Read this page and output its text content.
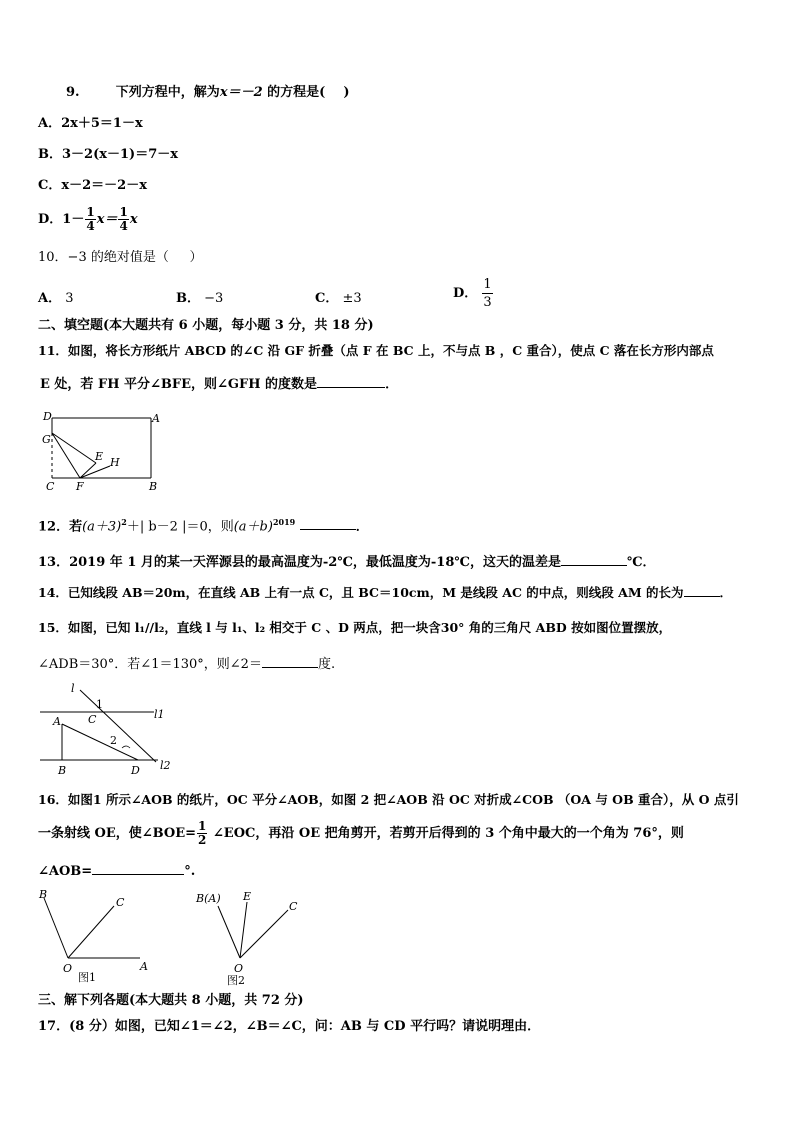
9.	下列方程中，解为x＝－2 的方程是( )
A．2x＋5＝1－x
B．3－2(x－1)＝7－x
C．x－2＝－2－x
D．$1- \frac{1}{4} x= \frac{1}{4}$ x
10．−3 的绝对值是（ ）
A． 3	B． −3	C． ±3	D． $\frac{1}{3}$
二、填空题(本大题共有 6 小题，每小题 3 分，共 18 分)
11．如图，将长方形纸片 ABCD 的∠C 沿 GF 折叠（点 F 在 BC 上，不与点 B ，C 重合），使点 C 落在长方形内部点
E 处，若 FH 平分∠BFE，则∠GFH 的度数是	．
D	A
G
E H
C F	B
12．若$(a+3)^2+|$ b－2 |＝0，则$(a+b)^{2019}$	．
13．2019 年 1 月的某一天浑源县的最高温度为-2℃，最低温度为-18℃，这天的温差是	℃．
14．已知线段 AB＝20m，在直线 AB 上有一点 C，且 BC＝10cm，M 是线段 AC 的中点，则线段 AM 的长为	．
15．如图，已知 l₁//l₂，直线 l 与 l₁、l₂ 相交于 C 、D 两点，把一块含30° 角的三角尺 ABD 按如图位置摆放，
∠ADB＝30°．若∠1＝130°，则∠2＝	度.
l
1
C	l1
A
2
B	D l2
16．如图1 所示∠AOB 的纸片，OC 平分∠AOB，如图 2 把∠AOB 沿 OC 对折成∠COB （OA 与 OB 重合），从 O 点引
一条射线 OE，使∠BOE= $\frac{1}{2}$ ∠EOC，再沿 OE 把角剪开，若剪开后得到的 3 个角中最大的一个角为 76°，则
∠AOB=	°.
B
C
O	A
图1
B(A) E
C
O
图2
三、解下列各题(本大题共 8 小题，共 72 分)
17．(8 分）如图，已知∠1＝∠2，∠B＝∠C，问：AB 与 CD 平行吗？请说明理由．
